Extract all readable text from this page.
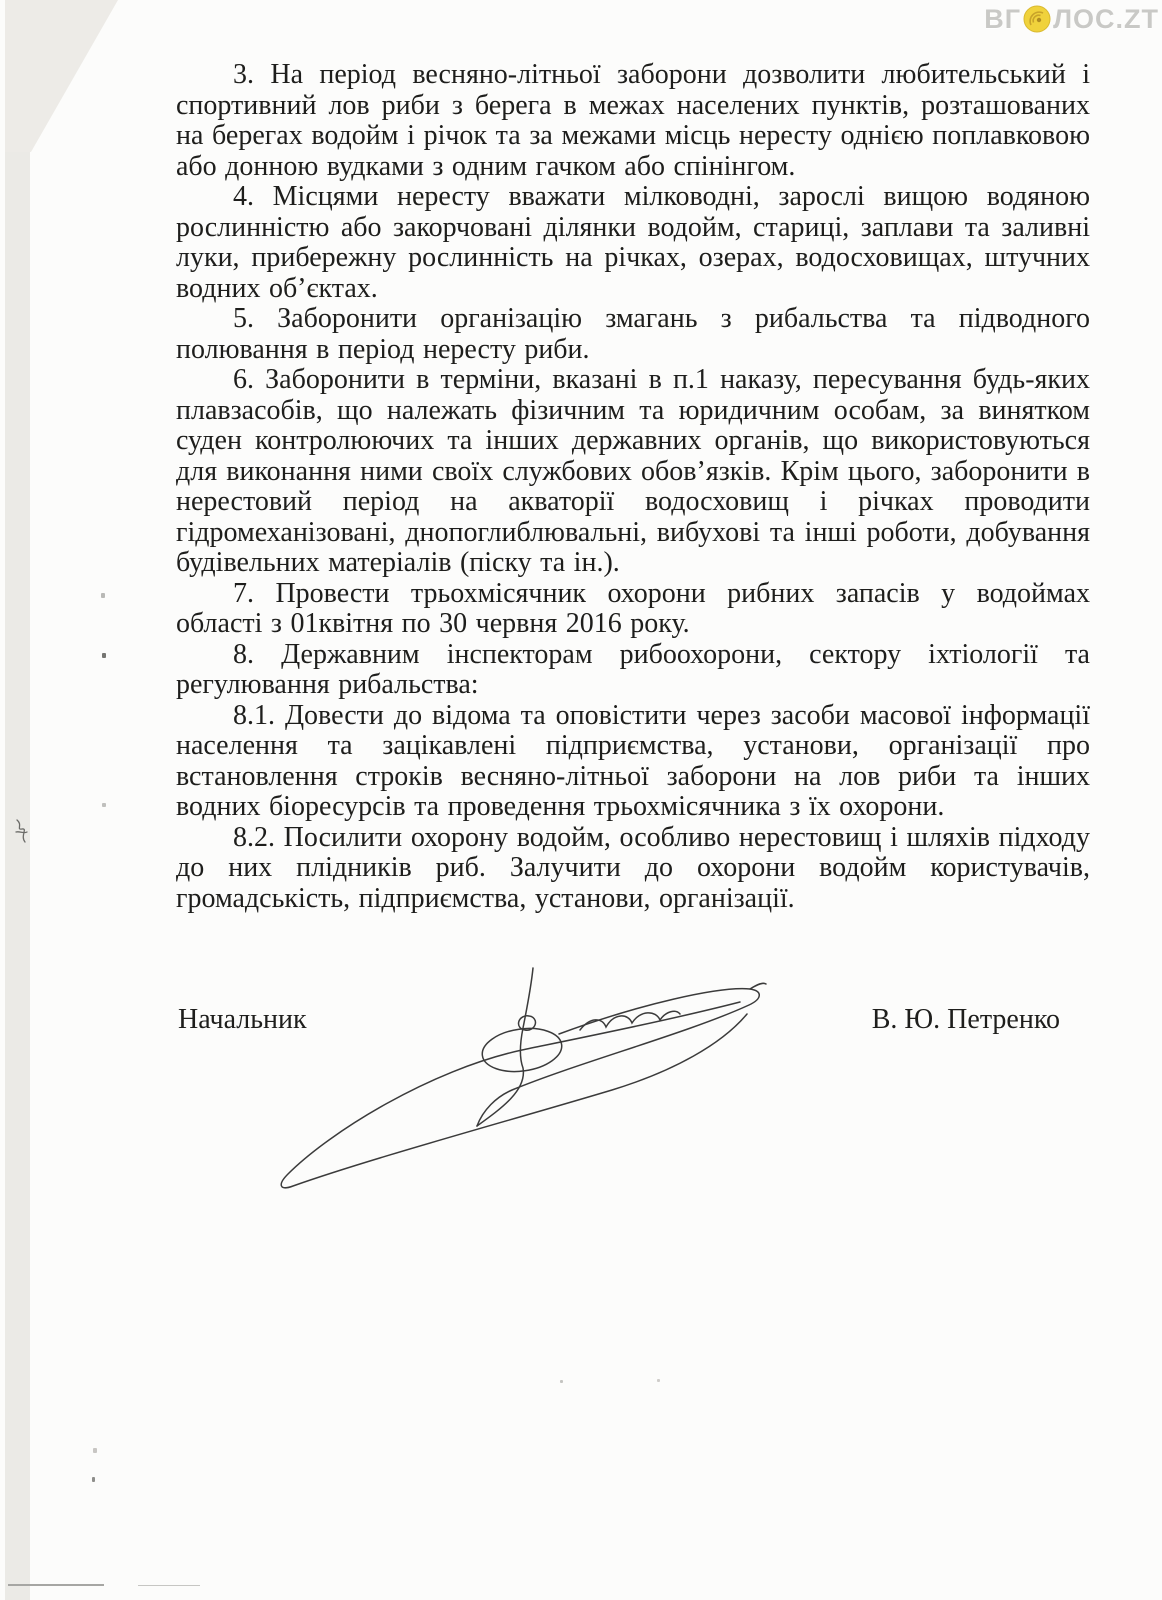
ВГ ЛОС.ZT

3. На період весняно-літньої заборони дозволити любительський і спортивний лов риби з берега в межах населених пунктів, розташованих на берегах водойм і річок та за межами місць нересту однією поплавковою або донною вудками з одним гачком або спінінгом.

4. Місцями нересту вважати мілководні, зарослі вищою водяною рослинністю або закорчовані ділянки водойм, стариці, заплави та заливні луки, прибережну рослинність на річках, озерах, водосховищах, штучних водних об’єктах.

5. Заборонити організацію змагань з рибальства та підводного полювання в період нересту риби.

6. Заборонити в терміни, вказані в п.1 наказу, пересування будь-яких плавзасобів, що належать фізичним та юридичним особам, за винятком суден контролюючих та інших державних органів, що використовуються для виконання ними своїх службових обов’язків. Крім цього, заборонити в нерестовий період на акваторії водосховищ і річках проводити гідромеханізовані, днопоглиблювальні, вибухові та інші роботи, добування будівельних матеріалів (піску та ін.).

7. Провести трьохмісячник охорони рибних запасів у водоймах області з 01квітня по 30 червня 2016 року.

8. Державним інспекторам рибоохорони, сектору іхтіології та регулювання рибальства:

8.1. Довести до відома та оповістити через засоби масової інформації населення та зацікавлені підприємства, установи, організації про встановлення строків весняно-літньої заборони на лов риби та інших водних біоресурсів та проведення трьохмісячника з їх охорони.

8.2. Посилити охорону водойм, особливо нерестовищ і шляхів підходу до них плідників риб. Залучити до охорони водойм користувачів, громадськість, підприємства, установи, організації.

Начальник	В. Ю. Петренко
